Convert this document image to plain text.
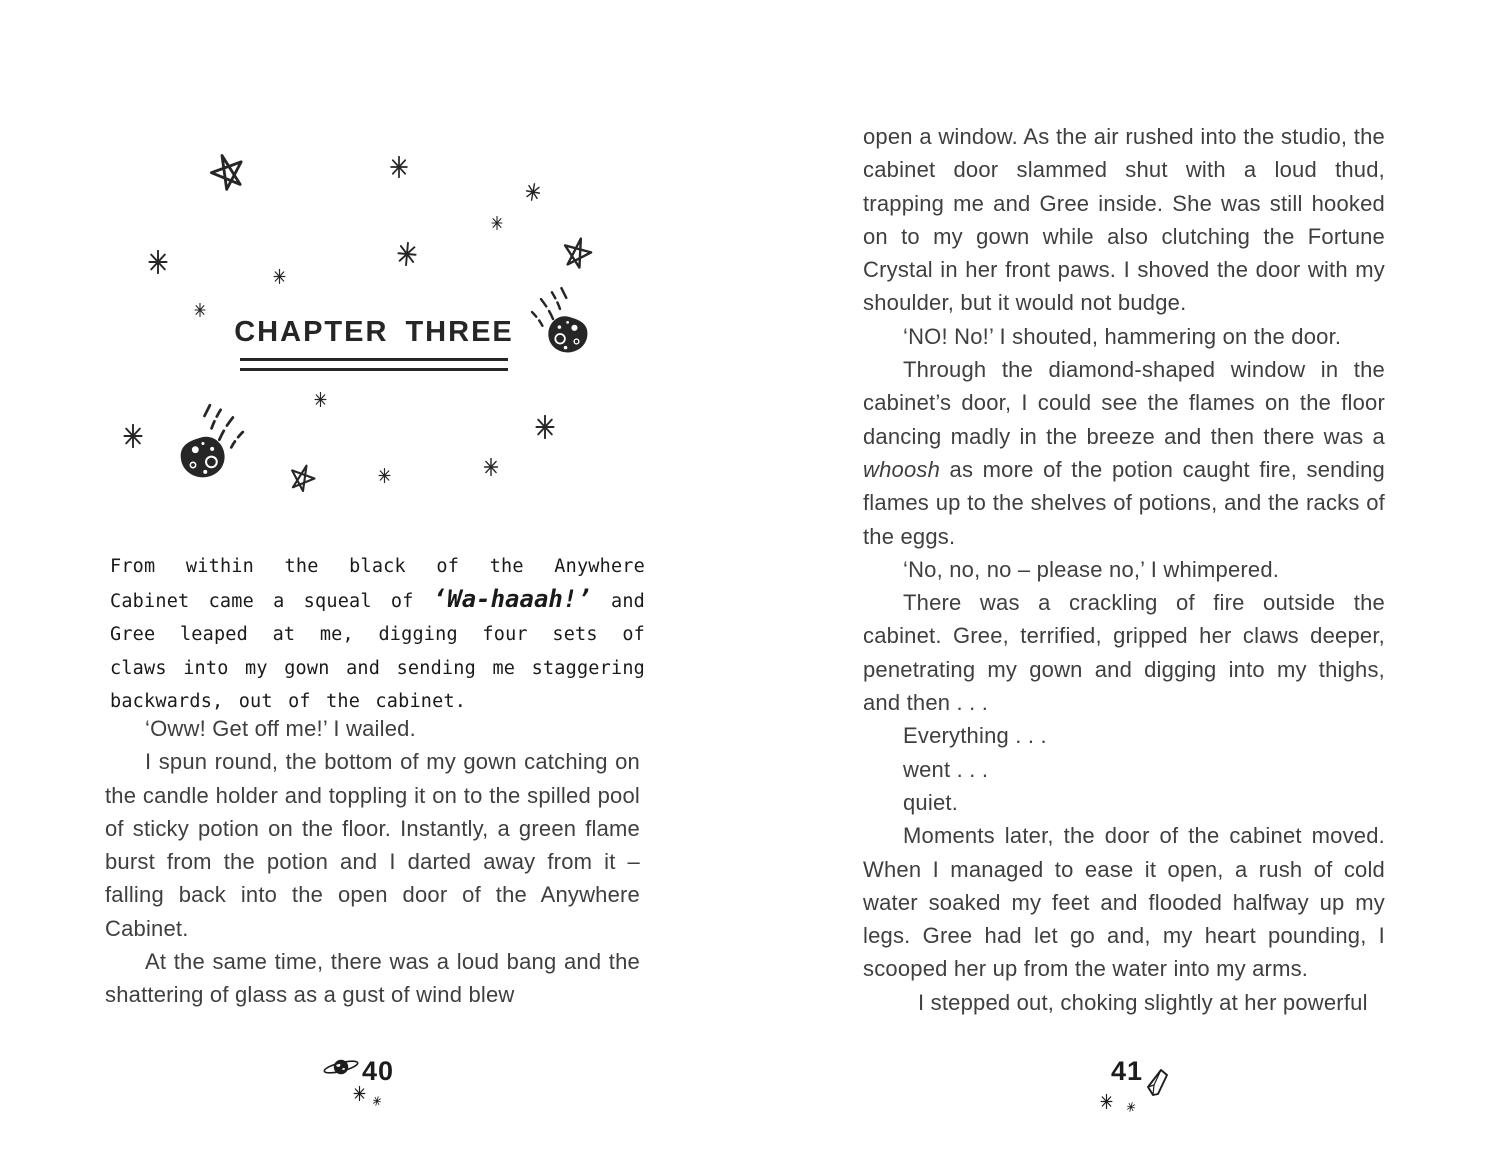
CHAPTER THREE

From within the black of the Anywhere Cabinet came a squeal of ‘Wa-haaah!’ and Gree leaped at me, digging four sets of claws into my gown and sending me staggering backwards, out of the cabinet.

‘Oww! Get off me!’ I wailed.

I spun round, the bottom of my gown catching on the candle holder and toppling it on to the spilled pool of sticky potion on the floor. Instantly, a green flame burst from the potion and I darted away from it – falling back into the open door of the Anywhere Cabinet.

At the same time, there was a loud bang and the shattering of glass as a gust of wind blew

40

open a window. As the air rushed into the studio, the cabinet door slammed shut with a loud thud, trapping me and Gree inside. She was still hooked on to my gown while also clutching the Fortune Crystal in her front paws. I shoved the door with my shoulder, but it would not budge.

‘NO! No!’ I shouted, hammering on the door.

Through the diamond-shaped window in the cabinet’s door, I could see the flames on the floor dancing madly in the breeze and then there was a whoosh as more of the potion caught fire, sending flames up to the shelves of potions, and the racks of the eggs.

‘No, no, no – please no,’ I whimpered.

There was a crackling of fire outside the cabinet. Gree, terrified, gripped her claws deeper, penetrating my gown and digging into my thighs, and then . . .

Everything . . .

went . . .

quiet.

Moments later, the door of the cabinet moved. When I managed to ease it open, a rush of cold water soaked my feet and flooded halfway up my legs. Gree had let go and, my heart pounding, I scooped her up from the water into my arms.

I stepped out, choking slightly at her powerful

41
